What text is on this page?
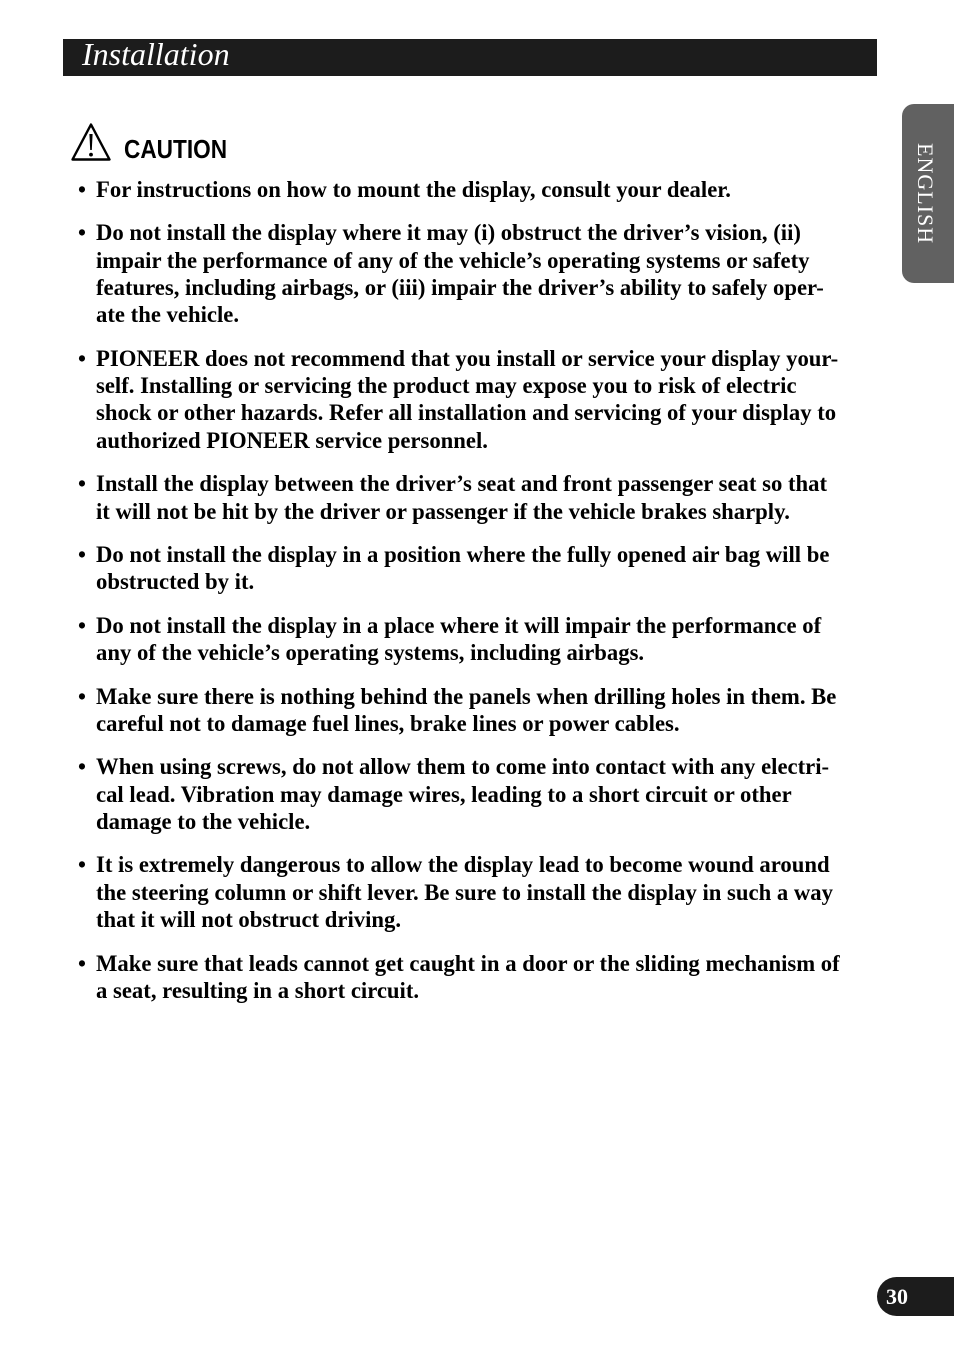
Installation
ENGLISH
CAUTION
• For instructions on how to mount the display, consult your dealer.
• Do not install the display where it may (i) obstruct the driver’s vision, (ii)
impair the performance of any of the vehicle’s operating systems or safety
features, including airbags, or (iii) impair the driver’s ability to safely oper-
ate the vehicle.
• PIONEER does not recommend that you install or service your display your-
self. Installing or servicing the product may expose you to risk of electric
shock or other hazards. Refer all installation and servicing of your display to
authorized PIONEER service personnel.
• Install the display between the driver’s seat and front passenger seat so that
it will not be hit by the driver or passenger if the vehicle brakes sharply.
• Do not install the display in a position where the fully opened air bag will be
obstructed by it.
• Do not install the display in a place where it will impair the performance of
any of the vehicle’s operating systems, including airbags.
• Make sure there is nothing behind the panels when drilling holes in them. Be
careful not to damage fuel lines, brake lines or power cables.
• When using screws, do not allow them to come into contact with any electri-
cal lead. Vibration may damage wires, leading to a short circuit or other
damage to the vehicle.
• It is extremely dangerous to allow the display lead to become wound around
the steering column or shift lever. Be sure to install the display in such a way
that it will not obstruct driving.
• Make sure that leads cannot get caught in a door or the sliding mechanism of
a seat, resulting in a short circuit.
30
